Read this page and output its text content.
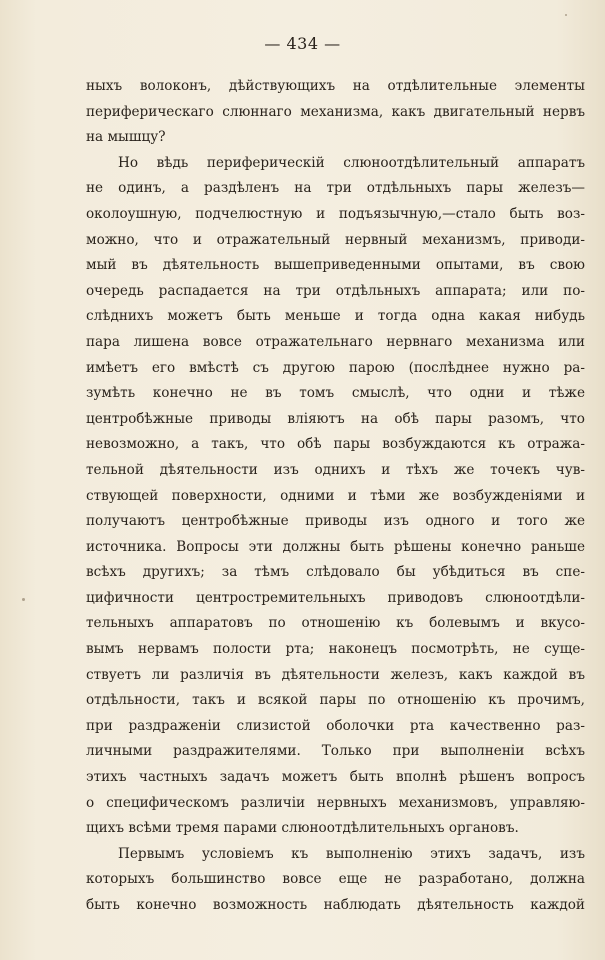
— 434 —
ныхъ волоконъ, дѣйствующихъ на отдѣлительные элементы
периферическаго слюннаго механизма, какъ двигательный нервъ
на мышцу?
Но вѣдь периферическій слюноотдѣлительный аппаратъ
не одинъ, а раздѣленъ на три отдѣльныхъ пары железъ—
околоушную, подчелюстную и подъязычную,—стало быть воз-
можно, что и отражательный нервный механизмъ, приводи-
мый въ дѣятельность вышеприведенными опытами, въ свою
очередь распадается на три отдѣльныхъ аппарата; или по-
слѣднихъ можетъ быть меньше и тогда одна какая нибудь
пара лишена вовсе отражательнаго нервнаго механизма или
имѣетъ его вмѣстѣ съ другою парою (послѣднее нужно ра-
зумѣть конечно не въ томъ смыслѣ, что одни и тѣже
центробѣжные приводы вліяютъ на обѣ пары разомъ, что
невозможно, а такъ, что обѣ пары возбуждаются къ отража-
тельной дѣятельности изъ однихъ и тѣхъ же точекъ чув-
ствующей поверхности, одними и тѣми же возбужденіями и
получаютъ центробѣжные приводы изъ одного и того же
источника. Вопросы эти должны быть рѣшены конечно раньше
всѣхъ другихъ; за тѣмъ слѣдовало бы убѣдиться въ спе-
цифичности центростремительныхъ приводовъ слюноотдѣли-
тельныхъ аппаратовъ по отношенію къ болевымъ и вкусо-
вымъ нервамъ полости рта; наконецъ посмотрѣть, не суще-
ствуетъ ли различія въ дѣятельности железъ, какъ каждой въ
отдѣльности, такъ и всякой пары по отношенію къ прочимъ,
при раздраженіи слизистой оболочки рта качественно раз-
личными раздражителями. Только при выполненіи всѣхъ
этихъ частныхъ задачъ можетъ быть вполнѣ рѣшенъ вопросъ
о специфическомъ различіи нервныхъ механизмовъ, управляю-
щихъ всѣми тремя парами слюноотдѣлительныхъ органовъ.
Первымъ условіемъ къ выполненію этихъ задачъ, изъ
которыхъ большинство вовсе еще не разработано, должна
быть конечно возможность наблюдать дѣятельность каждой
